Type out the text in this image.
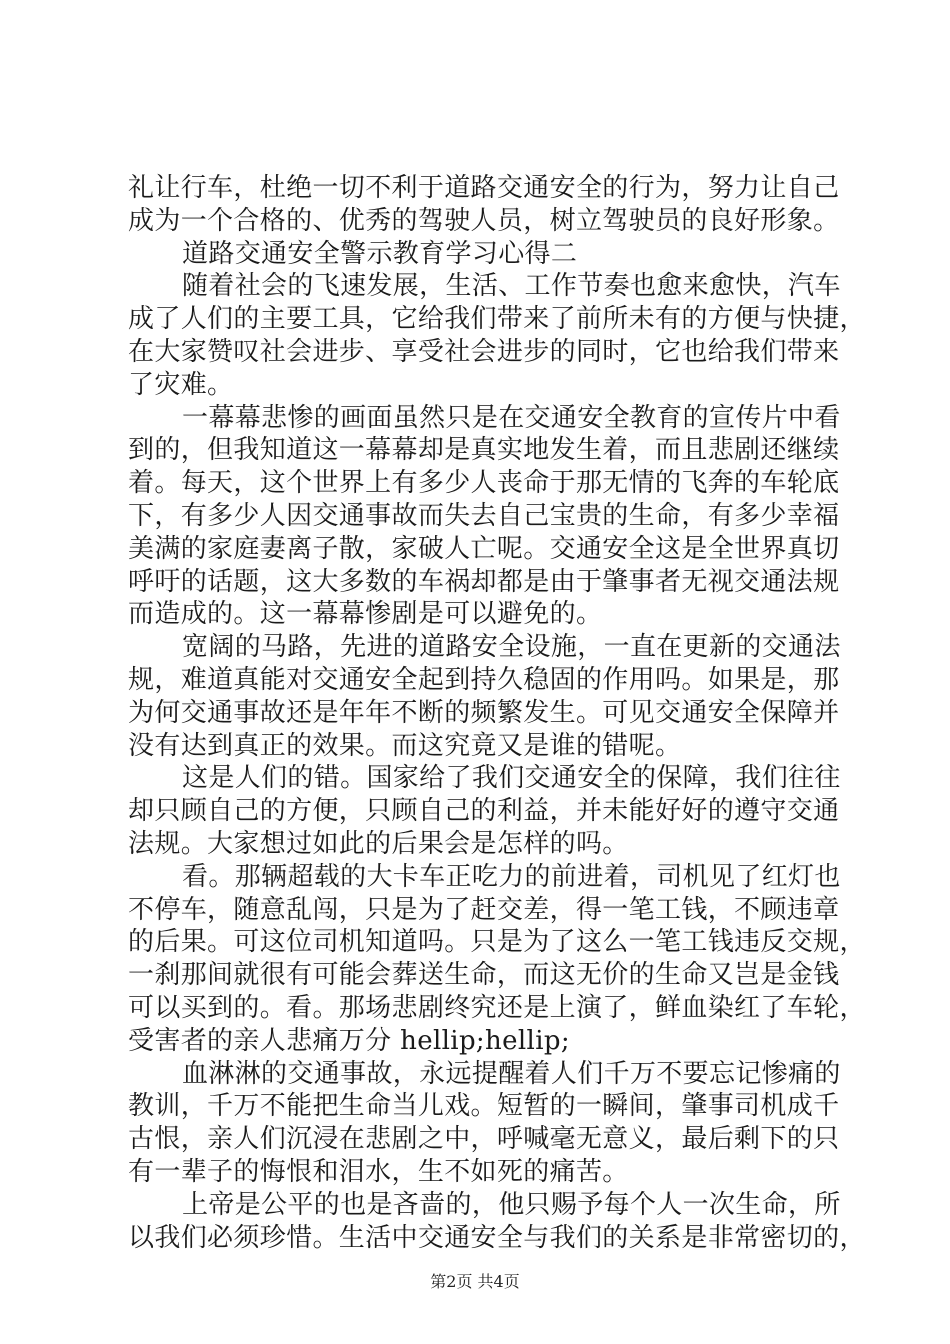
礼让行车，杜绝一切不利于道路交通安全的行为，努力让自己
成为一个合格的、优秀的驾驶人员，树立驾驶员的良好形象。
道路交通安全警示教育学习心得二
随着社会的飞速发展，生活、工作节奏也愈来愈快，汽车
成了人们的主要工具，它给我们带来了前所未有的方便与快捷，
在大家赞叹社会进步、享受社会进步的同时，它也给我们带来
了灾难。
一幕幕悲惨的画面虽然只是在交通安全教育的宣传片中看
到的，但我知道这一幕幕却是真实地发生着，而且悲剧还继续
着。每天，这个世界上有多少人丧命于那无情的飞奔的车轮底
下，有多少人因交通事故而失去自己宝贵的生命，有多少幸福
美满的家庭妻离子散，家破人亡呢。交通安全这是全世界真切
呼吁的话题，这大多数的车祸却都是由于肇事者无视交通法规
而造成的。这一幕幕惨剧是可以避免的。
宽阔的马路，先进的道路安全设施，一直在更新的交通法
规，难道真能对交通安全起到持久稳固的作用吗。如果是，那
为何交通事故还是年年不断的频繁发生。可见交通安全保障并
没有达到真正的效果。而这究竟又是谁的错呢。
这是人们的错。国家给了我们交通安全的保障，我们往往
却只顾自己的方便，只顾自己的利益，并未能好好的遵守交通
法规。大家想过如此的后果会是怎样的吗。
看。那辆超载的大卡车正吃力的前进着，司机见了红灯也
不停车，随意乱闯，只是为了赶交差，得一笔工钱，不顾违章
的后果。可这位司机知道吗。只是为了这么一笔工钱违反交规，
一刹那间就很有可能会葬送生命，而这无价的生命又岂是金钱
可以买到的。看。那场悲剧终究还是上演了，鲜血染红了车轮，
受害者的亲人悲痛万分 hellip;hellip;
血淋淋的交通事故，永远提醒着人们千万不要忘记惨痛的
教训，千万不能把生命当儿戏。短暂的一瞬间，肇事司机成千
古恨，亲人们沉浸在悲剧之中，呼喊毫无意义，最后剩下的只
有一辈子的悔恨和泪水，生不如死的痛苦。
上帝是公平的也是吝啬的，他只赐予每个人一次生命，所
以我们必须珍惜。生活中交通安全与我们的关系是非常密切的，
第2页 共4页
